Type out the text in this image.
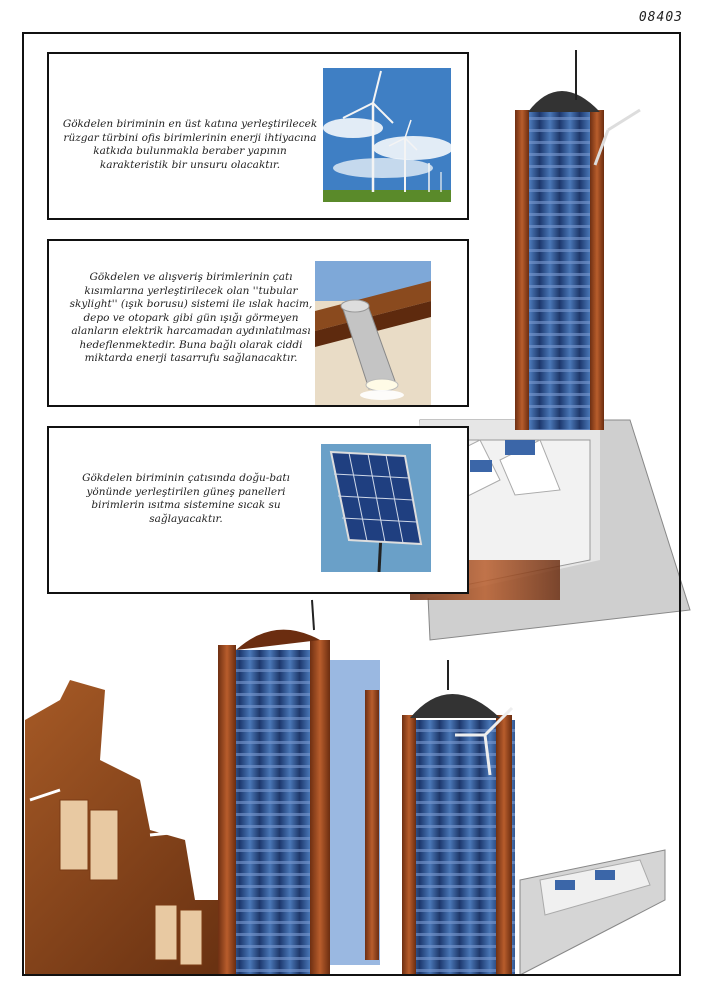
08403
Gökdelen biriminin en üst katına yerleştirilecek rüzgar türbini ofis birimlerinin enerji ihtiyacına katkıda bulunmakla beraber yapının karakteristik bir unsuru olacaktır.
Gökdelen ve alışveriş birimlerinin çatı kısımlarına yerleştirilecek olan ''tubular skylight'' (ışık borusu) sistemi ile ıslak hacim, depo ve otopark gibi gün ışığı görmeyen alanların elektrik harcamadan aydınlatılması hedeflenmektedir. Buna bağlı olarak ciddi miktarda enerji tasarrufu sağlanacaktır.
Gökdelen biriminin çatısında doğu-batı yönünde yerleştirilen güneş panelleri birimlerin ısıtma sistemine sıcak su sağlayacaktır.
